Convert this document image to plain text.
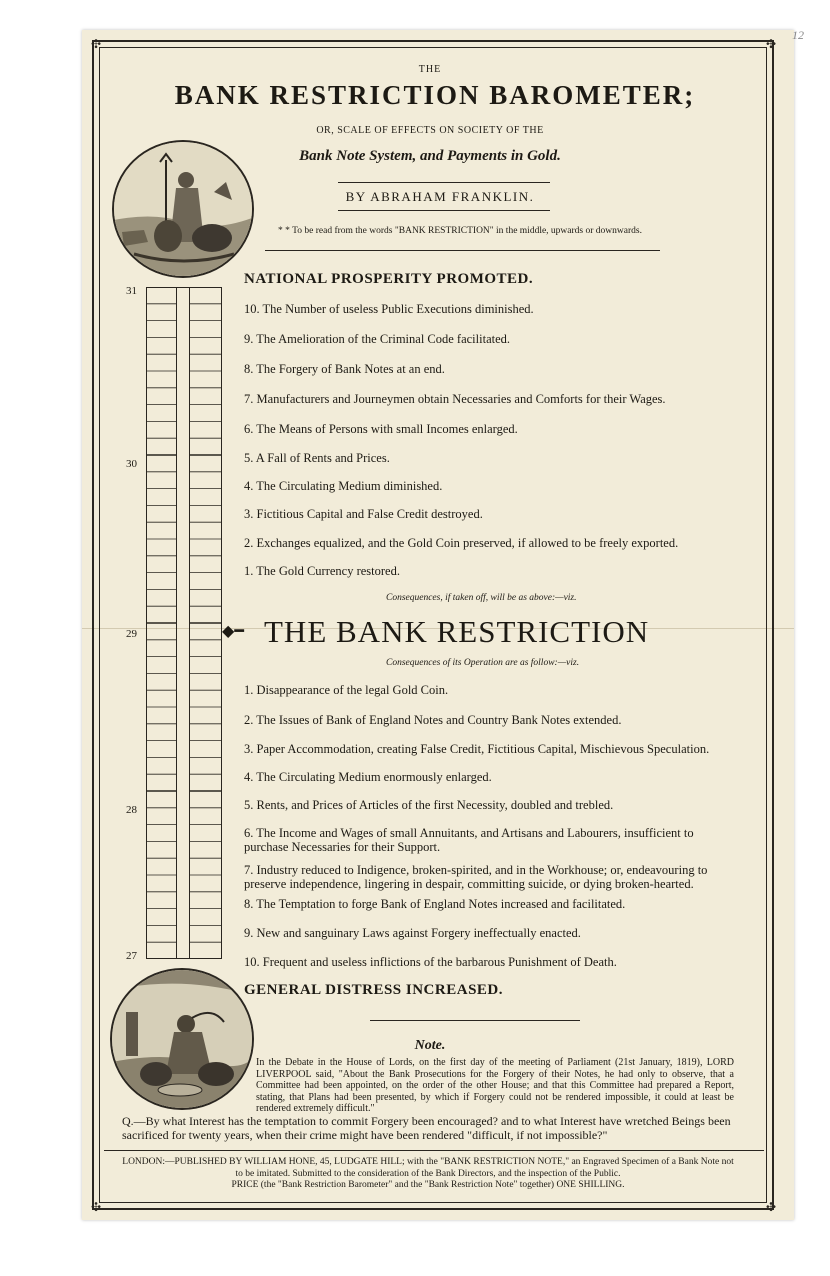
12
✣	✣
✣	✣
THE
BANK RESTRICTION BAROMETER;
OR, SCALE OF EFFECTS ON SOCIETY OF THE
Bank Note System, and Payments in Gold.
BY ABRAHAM FRANKLIN.
* * To be read from the words "BANK RESTRICTION" in the middle, upwards or downwards.
31
30
29
28
27
NATIONAL PROSPERITY PROMOTED.
10. The Number of useless Public Executions diminished.
9. The Amelioration of the Criminal Code facilitated.
8. The Forgery of Bank Notes at an end.
7. Manufacturers and Journeymen obtain Necessaries and Comforts for their Wages.
6. The Means of Persons with small Incomes enlarged.
5. A Fall of Rents and Prices.
4. The Circulating Medium diminished.
3. Fictitious Capital and False Credit destroyed.
2. Exchanges equalized, and the Gold Coin preserved, if allowed to be freely exported.
1. The Gold Currency restored.
Consequences, if taken off, will be as above:—viz.
◆━ THE BANK RESTRICTION
Consequences of its Operation are as follow:—viz.
1. Disappearance of the legal Gold Coin.
2. The Issues of Bank of England Notes and Country Bank Notes extended.
3. Paper Accommodation, creating False Credit, Fictitious Capital, Mischievous Speculation.
4. The Circulating Medium enormously enlarged.
5. Rents, and Prices of Articles of the first Necessity, doubled and trebled.
6. The Income and Wages of small Annuitants, and Artisans and Labourers, insufficient to purchase Necessaries for their Support.
7. Industry reduced to Indigence, broken-spirited, and in the Workhouse; or, endeavouring to preserve independence, lingering in despair, committing suicide, or dying broken-hearted.
8. The Temptation to forge Bank of England Notes increased and facilitated.
9. New and sanguinary Laws against Forgery ineffectually enacted.
10. Frequent and useless inflictions of the barbarous Punishment of Death.
GENERAL DISTRESS INCREASED.
Note.
In the Debate in the House of Lords, on the first day of the meeting of Parliament (21st January, 1819), LORD LIVERPOOL said, "About the Bank Prosecutions for the Forgery of their Notes, he had only to observe, that a Committee had been appointed, on the order of the other House; and that this Committee had prepared a Report, stating, that Plans had been presented, by which if Forgery could not be rendered impossible, it could at least be rendered extremely difficult."
Q.—By what Interest has the temptation to commit Forgery been encouraged? and to what Interest have wretched Beings been sacrificed for twenty years, when their crime might have been rendered "difficult, if not impossible?"
LONDON:—PUBLISHED BY WILLIAM HONE, 45, LUDGATE HILL; with the "BANK RESTRICTION NOTE," an Engraved Specimen of a Bank Note not to be imitated. Submitted to the consideration of the Bank Directors, and the inspection of the Public.
PRICE (the "Bank Restriction Barometer" and the "Bank Restriction Note" together) ONE SHILLING.
